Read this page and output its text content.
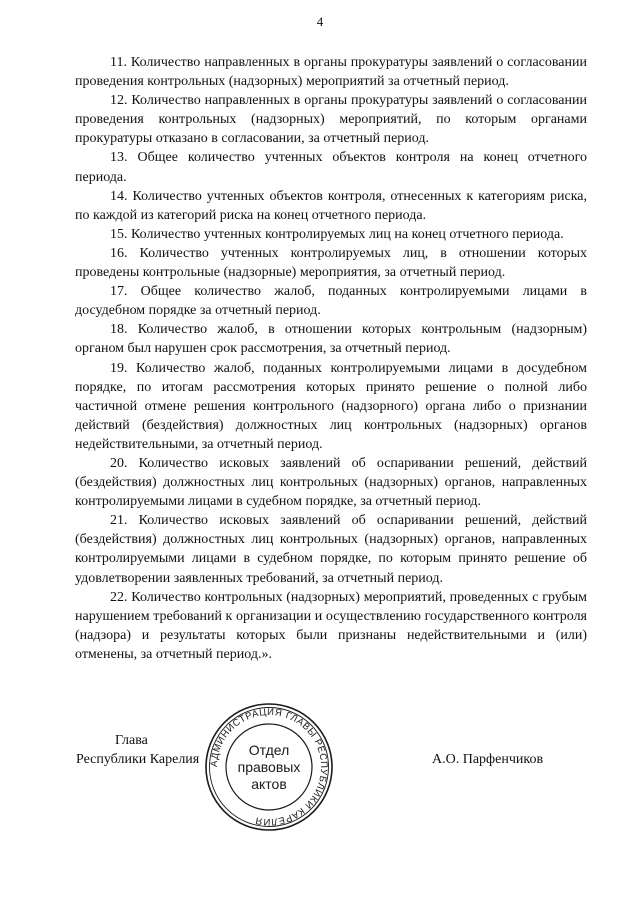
4

11. Количество направленных в органы прокуратуры заявлений о согласовании проведения контрольных (надзорных) мероприятий за отчетный период.

12. Количество направленных в органы прокуратуры заявлений о согласовании проведения контрольных (надзорных) мероприятий, по которым органами прокуратуры отказано в согласовании, за отчетный период.

13. Общее количество учтенных объектов контроля на конец отчетного периода.

14. Количество учтенных объектов контроля, отнесенных к категориям риска, по каждой из категорий риска на конец отчетного периода.

15. Количество учтенных контролируемых лиц на конец отчетного периода.

16. Количество учтенных контролируемых лиц, в отношении которых проведены контрольные (надзорные) мероприятия, за отчетный период.

17. Общее количество жалоб, поданных контролируемыми лицами в досудебном порядке за отчетный период.

18. Количество жалоб, в отношении которых контрольным (надзорным) органом был нарушен срок рассмотрения, за отчетный период.

19. Количество жалоб, поданных контролируемыми лицами в досудебном порядке, по итогам рассмотрения которых принято решение о полной либо частичной отмене решения контрольного (надзорного) органа либо о признании действий (бездействия) должностных лиц контрольных (надзорных) органов недействительными, за отчетный период.

20. Количество исковых заявлений об оспаривании решений, действий (бездействия) должностных лиц контрольных (надзорных) органов, направленных контролируемыми лицами в судебном порядке, за отчетный период.

21. Количество исковых заявлений об оспаривании решений, действий (бездействия) должностных лиц контрольных (надзорных) органов, направленных контролируемыми лицами в судебном порядке, по которым принято решение об удовлетворении заявленных требований, за отчетный период.

22. Количество контрольных (надзорных) мероприятий, проведенных с грубым нарушением требований к организации и осуществлению государственного контроля (надзора) и результаты которых были признаны недействительными и (или) отменены, за отчетный период.».

Глава
Республики Карелия	А.О. Парфенчиков
АДМИНИСТРАЦИЯ ГЛАВЫ РЕСПУБЛИКИ КАРЕЛИЯ
Отдел
правовых
актов
